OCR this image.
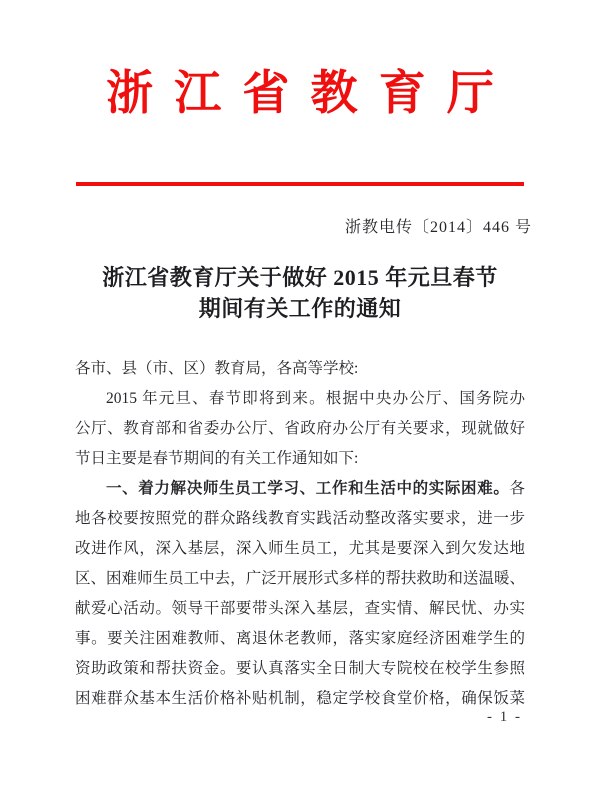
浙江省教育厅
浙教电传〔2014〕446 号
浙江省教育厅关于做好 2015 年元旦春节
期间有关工作的通知
各市、县（市、区）教育局，各高等学校:
2015 年元旦、春节即将到来。根据中央办公厅、国务院办
公厅、教育部和省委办公厅、省政府办公厅有关要求，现就做好
节日主要是春节期间的有关工作通知如下:
一、着力解决师生员工学习、工作和生活中的实际困难。各
地各校要按照党的群众路线教育实践活动整改落实要求，进一步
改进作风，深入基层，深入师生员工，尤其是要深入到欠发达地
区、困难师生员工中去，广泛开展形式多样的帮扶救助和送温暖、
献爱心活动。领导干部要带头深入基层，查实情、解民忧、办实
事。要关注困难教师、离退休老教师，落实家庭经济困难学生的
资助政策和帮扶资金。要认真落实全日制大专院校在校学生参照
困难群众基本生活价格补贴机制，稳定学校食堂价格，确保饭菜
- 1 -
